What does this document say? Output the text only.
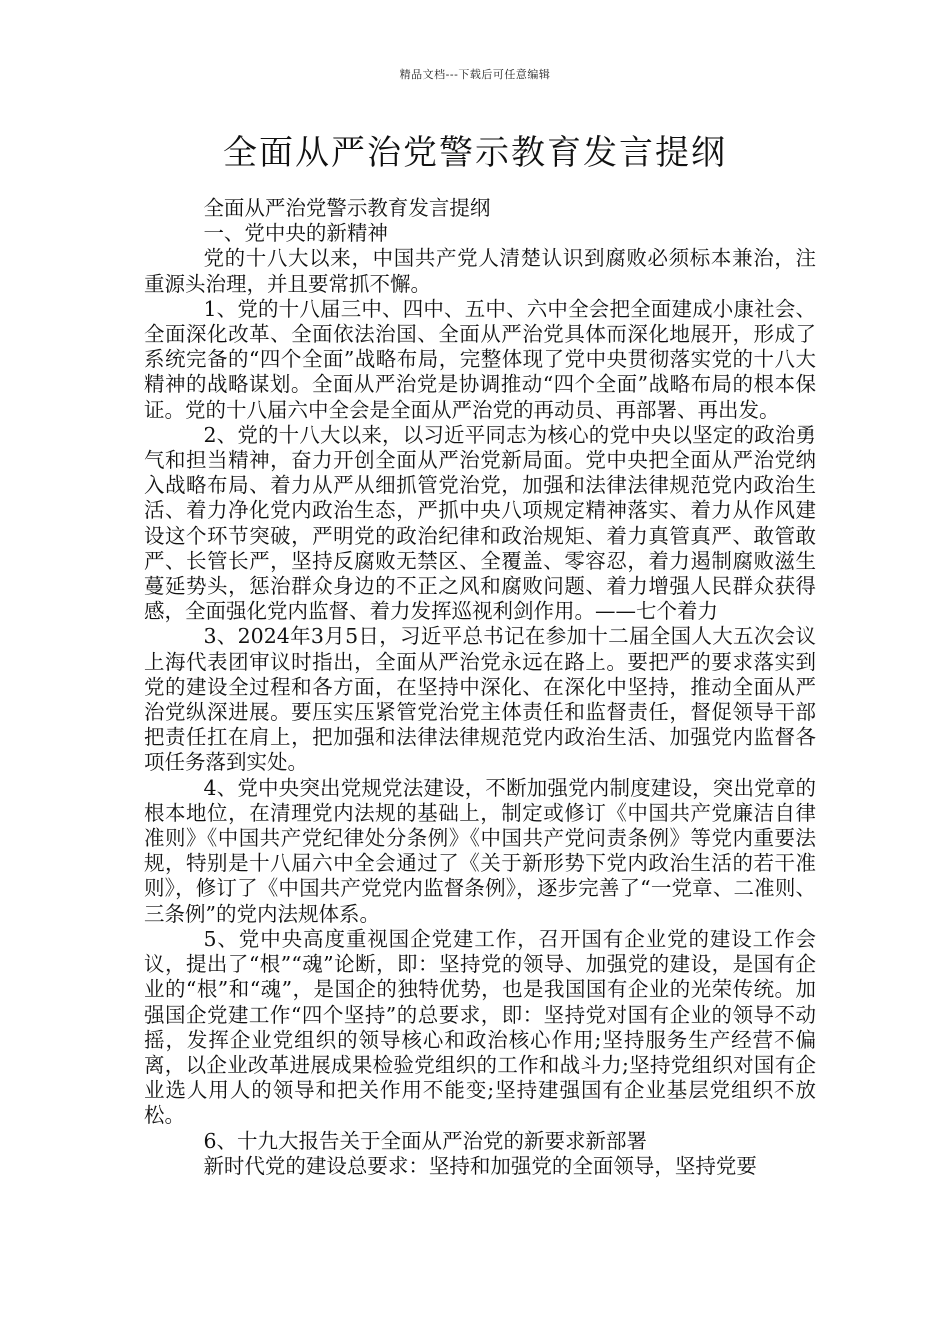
精品文档---下载后可任意编辑
全面从严治党警示教育发言提纲

全面从严治党警示教育发言提纲

一、党中央的新精神

党的十八大以来，中国共产党人清楚认识到腐败必须标本兼治，注重源头治理，并且要常抓不懈。

1、党的十八届三中、四中、五中、六中全会把全面建成小康社会、全面深化改革、全面依法治国、全面从严治党具体而深化地展开，形成了系统完备的“四个全面”战略布局，完整体现了党中央贯彻落实党的十八大精神的战略谋划。全面从严治党是协调推动“四个全面”战略布局的根本保证。党的十八届六中全会是全面从严治党的再动员、再部署、再出发。

2、党的十八大以来，以习近平同志为核心的党中央以坚定的政治勇气和担当精神，奋力开创全面从严治党新局面。党中央把全面从严治党纳入战略布局、着力从严从细抓管党治党，加强和法律法律规范党内政治生活、着力净化党内政治生态，严抓中央八项规定精神落实、着力从作风建设这个环节突破，严明党的政治纪律和政治规矩、着力真管真严、敢管敢严、长管长严，坚持反腐败无禁区、全覆盖、零容忍，着力遏制腐败滋生蔓延势头，惩治群众身边的不正之风和腐败问题、着力增强人民群众获得感，全面强化党内监督、着力发挥巡视利剑作用。——七个着力

3、2024年3月5日，习近平总书记在参加十二届全国人大五次会议上海代表团审议时指出，全面从严治党永远在路上。要把严的要求落实到党的建设全过程和各方面，在坚持中深化、在深化中坚持，推动全面从严治党纵深进展。要压实压紧管党治党主体责任和监督责任，督促领导干部把责任扛在肩上，把加强和法律法律规范党内政治生活、加强党内监督各项任务落到实处。

4、党中央突出党规党法建设，不断加强党内制度建设，突出党章的根本地位，在清理党内法规的基础上，制定或修订《中国共产党廉洁自律准则》《中国共产党纪律处分条例》《中国共产党问责条例》等党内重要法规，特别是十八届六中全会通过了《关于新形势下党内政治生活的若干准则》，修订了《中国共产党党内监督条例》，逐步完善了“一党章、二准则、三条例”的党内法规体系。

5、党中央高度重视国企党建工作，召开国有企业党的建设工作会议，提出了“根”“魂”论断，即：坚持党的领导、加强党的建设，是国有企业的“根”和“魂”，是国企的独特优势，也是我国国有企业的光荣传统。加强国企党建工作“四个坚持”的总要求，即：坚持党对国有企业的领导不动摇，发挥企业党组织的领导核心和政治核心作用;坚持服务生产经营不偏离，以企业改革进展成果检验党组织的工作和战斗力;坚持党组织对国有企业选人用人的领导和把关作用不能变;坚持建强国有企业基层党组织不放松。

6、十九大报告关于全面从严治党的新要求新部署

新时代党的建设总要求：坚持和加强党的全面领导，坚持党要
